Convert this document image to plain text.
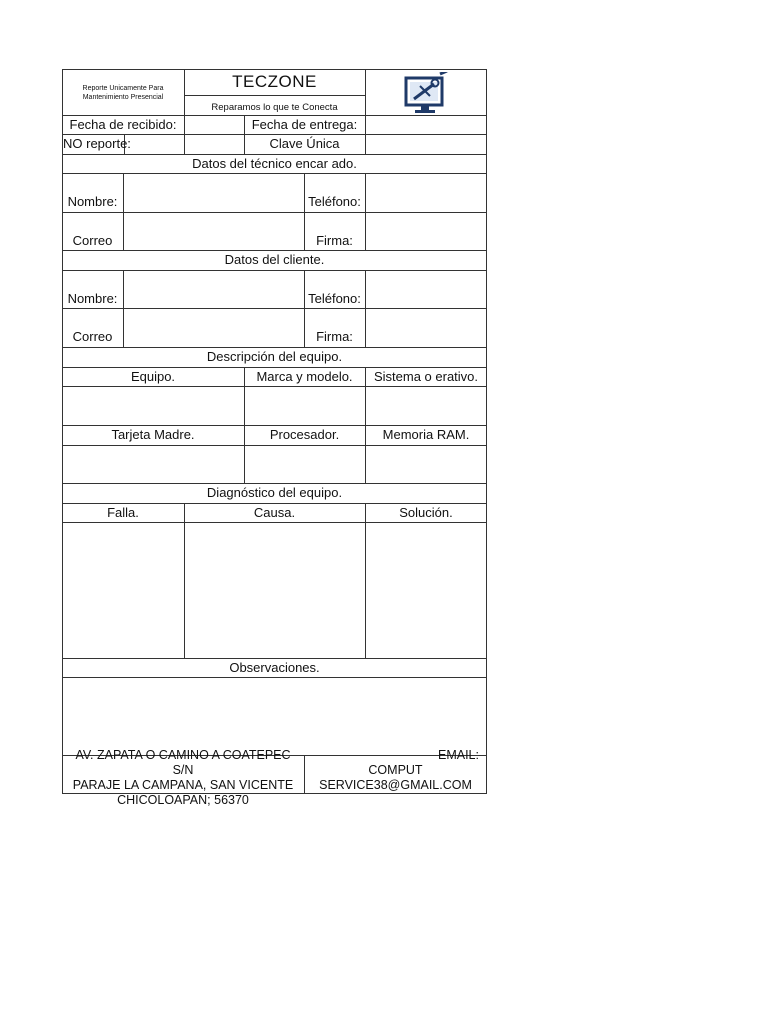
Reporte Unicamente Para Mantenimiento Presencial
TECZONE
Reparamos lo que te Conecta
Fecha de recibido:	Fecha de entrega:
NO reporte:	Clave Única
Datos del técnico encar ado.
Nombre:	Teléfono:
Correo	Firma:
Datos del cliente.
Nombre:	Teléfono:
Correo	Firma:
Descripción del equipo.
Equipo.	Marca y modelo.	Sistema o erativo.
Tarjeta Madre.	Procesador.	Memoria RAM.
Diagnóstico del equipo.
Falla.	Causa.	Solución.
Observaciones.
AV. ZAPATA O CAMINO A COATEPEC S/N
PARAJE LA CAMPANA, SAN VICENTE
CHICOLOAPAN; 56370
EMAIL:
COMPUT
SERVICE38@GMAIL.COM
